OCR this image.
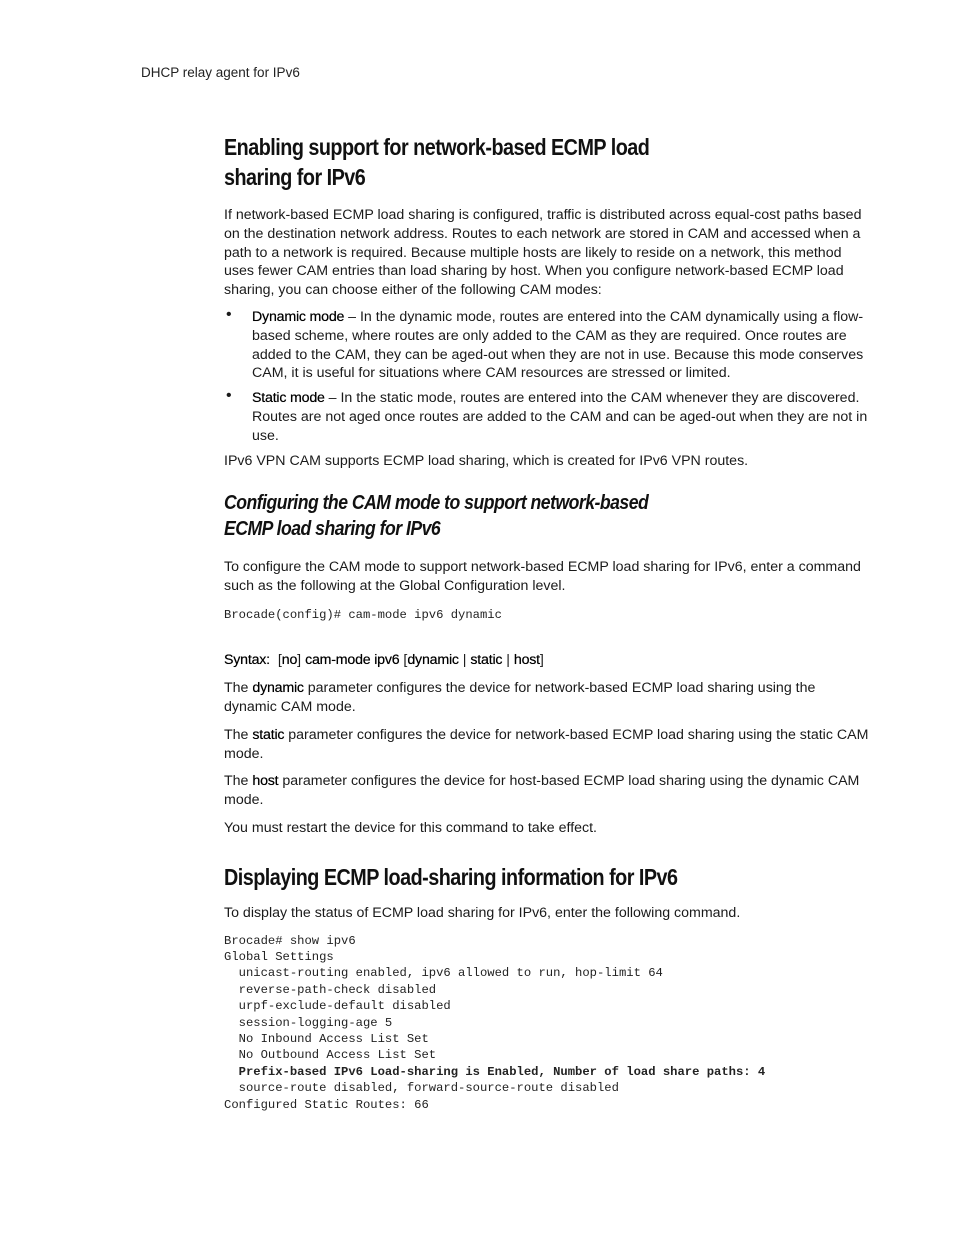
DHCP relay agent for IPv6
Enabling support for network-based ECMP load
sharing for IPv6

If network-based ECMP load sharing is configured, traffic is distributed across equal-cost paths based on the destination network address. Routes to each network are stored in CAM and accessed when a path to a network is required. Because multiple hosts are likely to reside on a network, this method uses fewer CAM entries than load sharing by host. When you configure network-based ECMP load sharing, you can choose either of the following CAM modes:

• Dynamic mode – In the dynamic mode, routes are entered into the CAM dynamically using a flow-based scheme, where routes are only added to the CAM as they are required. Once routes are added to the CAM, they can be aged-out when they are not in use. Because this mode conserves CAM, it is useful for situations where CAM resources are stressed or limited.
• Static mode – In the static mode, routes are entered into the CAM whenever they are discovered. Routes are not aged once routes are added to the CAM and can be aged-out when they are not in use.

IPv6 VPN CAM supports ECMP load sharing, which is created for IPv6 VPN routes.

Configuring the CAM mode to support network-based
ECMP load sharing for IPv6

To configure the CAM mode to support network-based ECMP load sharing for IPv6, enter a command such as the following at the Global Configuration level.

Brocade(config)# cam-mode ipv6 dynamic

Syntax: [no] cam-mode ipv6 [dynamic | static | host]

The dynamic parameter configures the device for network-based ECMP load sharing using the dynamic CAM mode.

The static parameter configures the device for network-based ECMP load sharing using the static CAM mode.

The host parameter configures the device for host-based ECMP load sharing using the dynamic CAM mode.

You must restart the device for this command to take effect.

Displaying ECMP load-sharing information for IPv6

To display the status of ECMP load sharing for IPv6, enter the following command.

Brocade# show ipv6
Global Settings
unicast-routing enabled, ipv6 allowed to run, hop-limit 64
reverse-path-check disabled
urpf-exclude-default disabled
session-logging-age 5
No Inbound Access List Set
No Outbound Access List Set
Prefix-based IPv6 Load-sharing is Enabled, Number of load share paths: 4
source-route disabled, forward-source-route disabled
Configured Static Routes: 66
